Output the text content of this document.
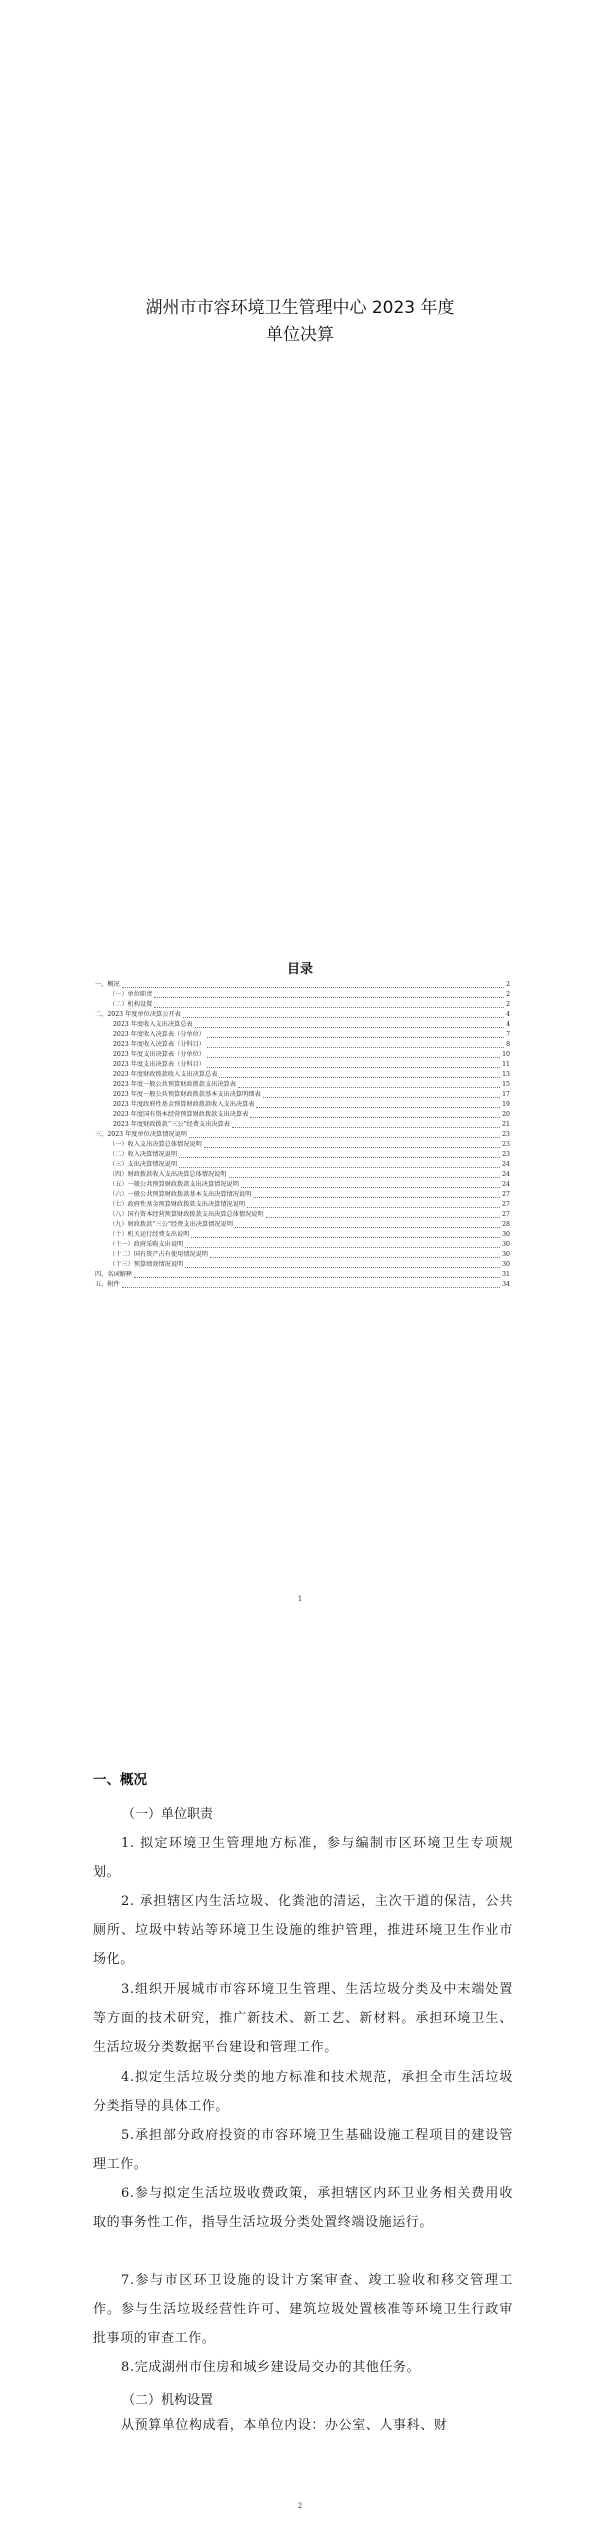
湖州市市容环境卫生管理中心 2023 年度
单位决算
目录
一、概况	2
（一）单位职责	2
（二）机构设置	2
二、2023 年度单位决算公开表	4
2023 年度收入支出决算总表	4
2023 年度收入决算表（分单位）	7
2023 年度收入决算表（分科目）	8
2023 年度支出决算表（分单位）	10
2023 年度支出决算表（分科目）	11
2023 年度财政拨款收入支出决算总表	13
2023 年度一般公共预算财政拨款支出决算表	15
2023 年度一般公共预算财政拨款基本支出决算明细表	17
2023 年度政府性基金预算财政拨款收入支出决算表	19
2023 年度国有资本经营预算财政拨款支出决算表	20
2023 年度财政拨款“三公”经费支出决算表	21
三、2023 年度单位决算情况说明	23
（一）收入支出决算总体情况说明	23
（二）收入决算情况说明	23
（三）支出决算情况说明	24
（四）财政拨款收入支出决算总体情况说明	24
（五）一般公共预算财政拨款支出决算情况说明	24
（六）一般公共预算财政拨款基本支出决算情况说明	27
（七）政府性基金预算财政拨款支出决算情况说明	27
（八）国有资本经营预算财政拨款支出决算总体情况说明	27
（九）财政拨款“三公”经费支出决算情况说明	28
（十）机关运行经费支出说明	30
（十一）政府采购支出说明	30
（十二）国有资产占有使用情况说明	30
（十三）预算绩效情况说明	30
四、名词解释	31
五、附件	34
1
一、概况
（一）单位职责
1. 拟定环境卫生管理地方标准，参与编制市区环境卫生专项规划。
2. 承担辖区内生活垃圾、化粪池的清运，主次干道的保洁，公共厕所、垃圾中转站等环境卫生设施的维护管理，推进环境卫生作业市场化。
3.组织开展城市市容环境卫生管理、生活垃圾分类及中末端处置等方面的技术研究，推广新技术、新工艺、新材料。承担环境卫生、生活垃圾分类数据平台建设和管理工作。
4.拟定生活垃圾分类的地方标准和技术规范，承担全市生活垃圾分类指导的具体工作。
5.承担部分政府投资的市容环境卫生基础设施工程项目的建设管理工作。
6.参与拟定生活垃圾收费政策，承担辖区内环卫业务相关费用收取的事务性工作，指导生活垃圾分类处置终端设施运行。
7.参与市区环卫设施的设计方案审查、竣工验收和移交管理工作。参与生活垃圾经营性许可、建筑垃圾处置核准等环境卫生行政审批事项的审查工作。
8.完成湖州市住房和城乡建设局交办的其他任务。
（二）机构设置
从预算单位构成看，本单位内设：办公室、人事科、财
2
